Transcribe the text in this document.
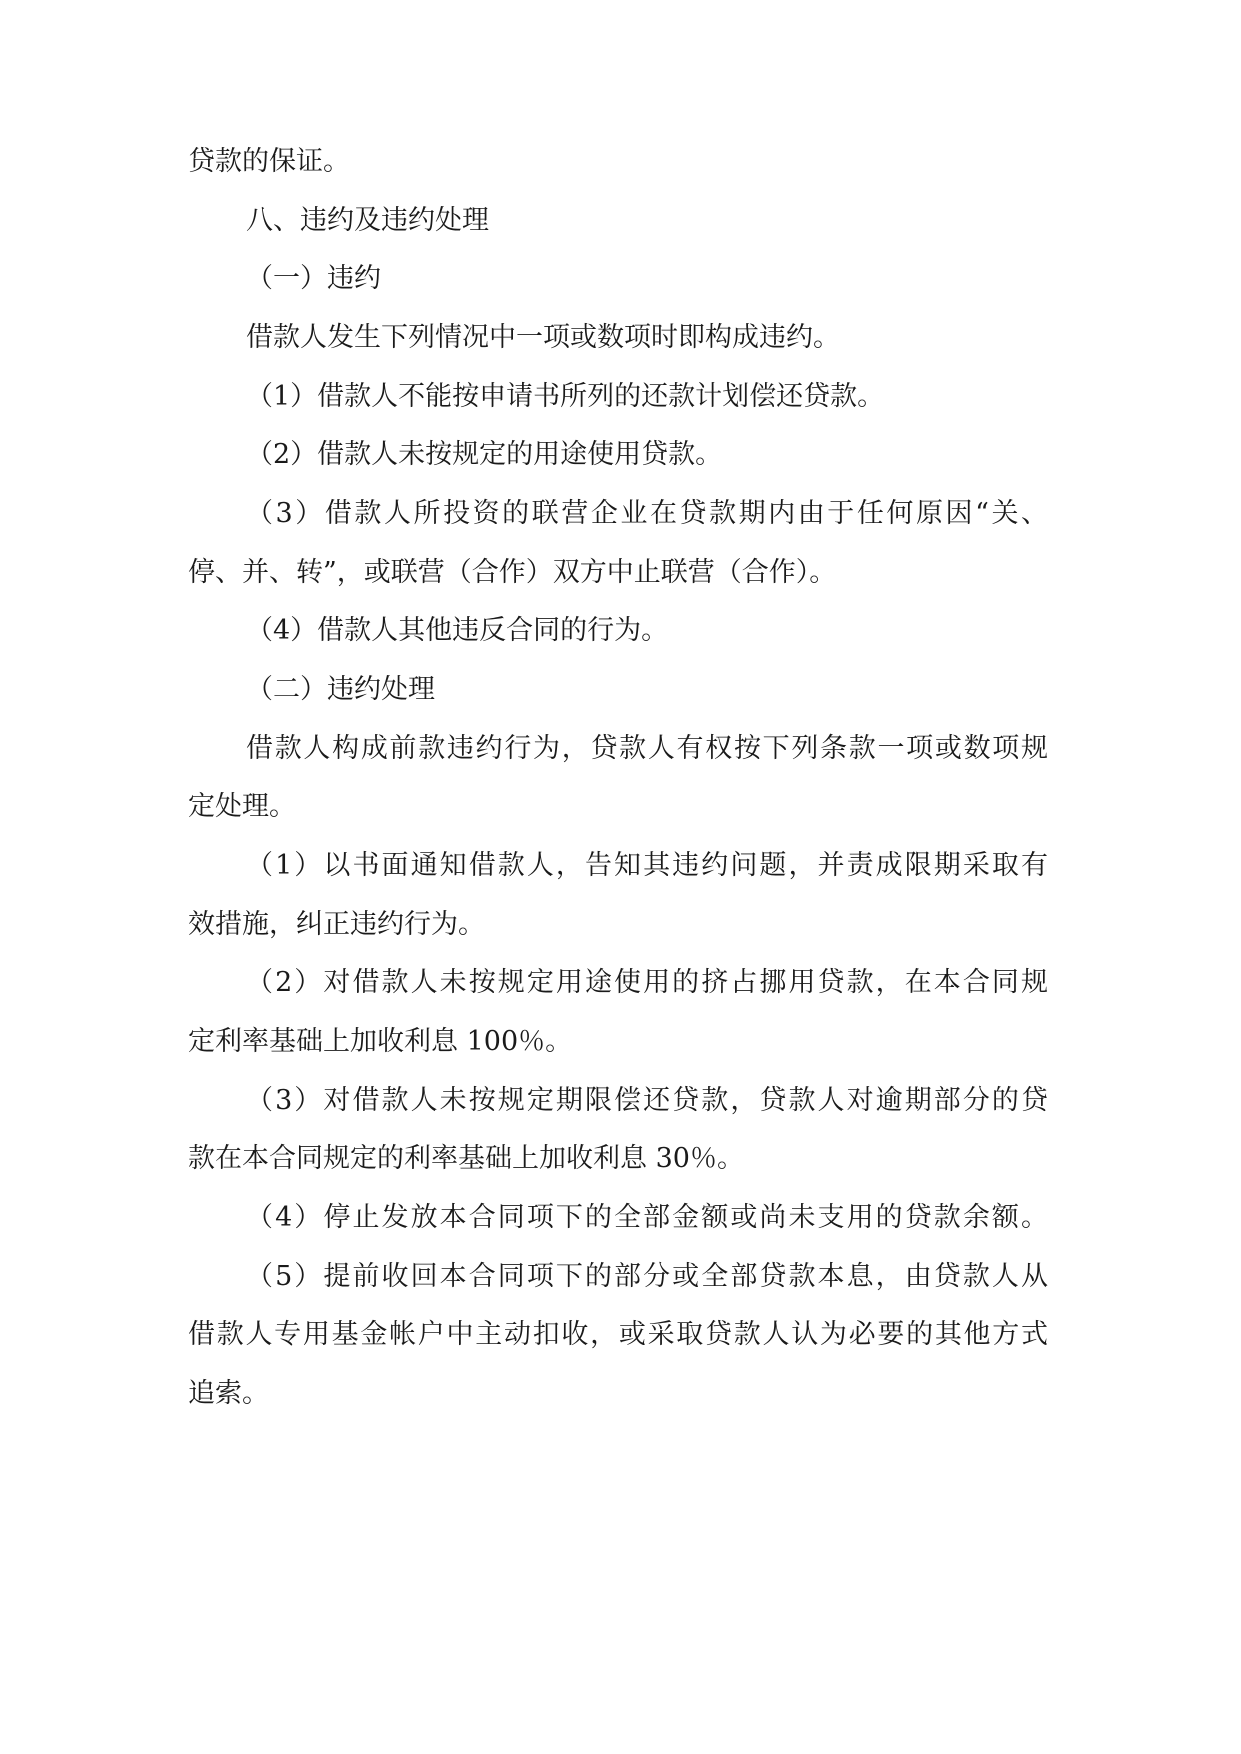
贷款的保证。
八、违约及违约处理
（一）违约
借款人发生下列情况中一项或数项时即构成违约。
（1）借款人不能按申请书所列的还款计划偿还贷款。
（2）借款人未按规定的用途使用贷款。
（3）借款人所投资的联营企业在贷款期内由于任何原因“关、
停、并、转”，或联营（合作）双方中止联营（合作）。
（4）借款人其他违反合同的行为。
（二）违约处理
借款人构成前款违约行为，贷款人有权按下列条款一项或数项规
定处理。
（1）以书面通知借款人，告知其违约问题，并责成限期采取有
效措施，纠正违约行为。
（2）对借款人未按规定用途使用的挤占挪用贷款，在本合同规
定利率基础上加收利息 100％。
（3）对借款人未按规定期限偿还贷款，贷款人对逾期部分的贷
款在本合同规定的利率基础上加收利息 30％。
（4）停止发放本合同项下的全部金额或尚未支用的贷款余额。
（5）提前收回本合同项下的部分或全部贷款本息，由贷款人从
借款人专用基金帐户中主动扣收，或采取贷款人认为必要的其他方式
追索。
